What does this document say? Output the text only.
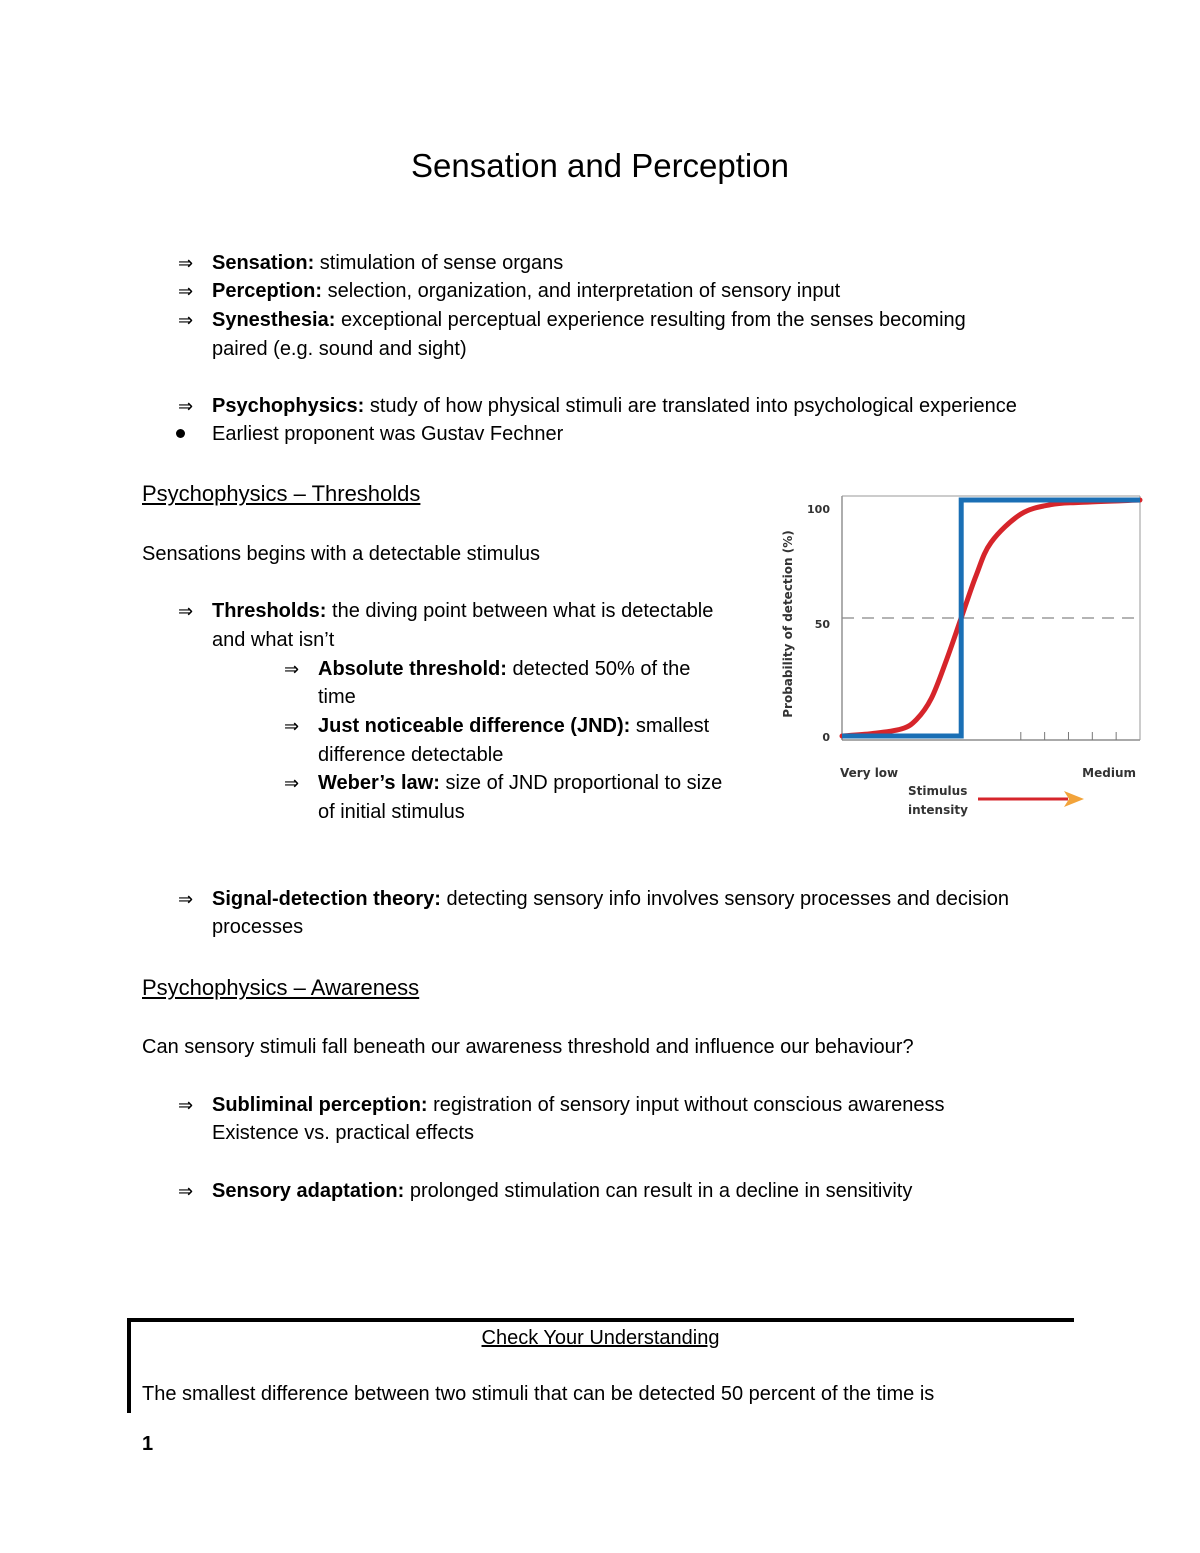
Sensation and Perception
⇒ Sensation: stimulation of sense organs
⇒ Perception: selection, organization, and interpretation of sensory input
⇒ Synesthesia: exceptional perceptual experience resulting from the senses becoming
paired (e.g. sound and sight)
⇒ Psychophysics: study of how physical stimuli are translated into psychological experience
Earliest proponent was Gustav Fechner
Psychophysics – Thresholds
Sensations begins with a detectable stimulus
⇒ Thresholds: the diving point between what is detectable
and what isn’t
⇒ Absolute threshold: detected 50% of the
time
⇒ Just noticeable difference (JND): smallest
difference detectable
⇒ Weber’s law: size of JND proportional to size
of initial stimulus
⇒ Signal-detection theory: detecting sensory info involves sensory processes and decision
processes
Probability of detection (%)
100
50
0
Very low	Medium
Stimulus
intensity
Psychophysics – Awareness
Can sensory stimuli fall beneath our awareness threshold and influence our behaviour?
⇒ Subliminal perception: registration of sensory input without conscious awareness
Existence vs. practical effects
⇒ Sensory adaptation: prolonged stimulation can result in a decline in sensitivity
Check Your Understanding
The smallest difference between two stimuli that can be detected 50 percent of the time is
1
